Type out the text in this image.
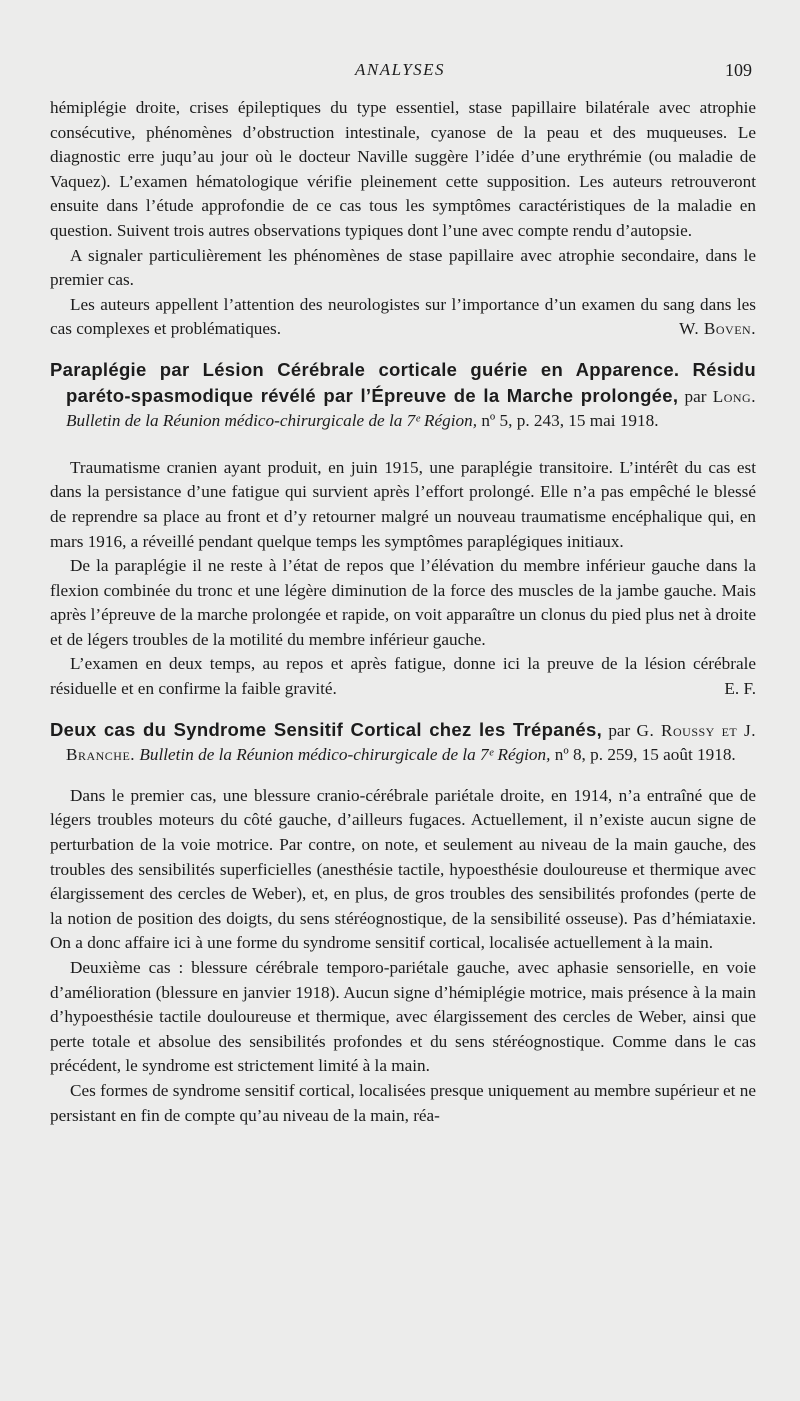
ANALYSES	109

hémiplégie droite, crises épileptiques du type essentiel, stase papillaire bilatérale avec atrophie consécutive, phénomènes d’obstruction intestinale, cyanose de la peau et des muqueuses. Le diagnostic erre juqu’au jour où le docteur Naville suggère l’idée d’une erythrémie (ou maladie de Vaquez). L’examen hématologique vérifie pleinement cette supposition. Les auteurs retrouveront ensuite dans l’étude approfondie de ce cas tous les symptômes caractéristiques de la maladie en question. Suivent trois autres observations typiques dont l’une avec compte rendu d’autopsie.

A signaler particulièrement les phénomènes de stase papillaire avec atrophie secondaire, dans le premier cas.

Les auteurs appellent l’attention des neurologistes sur l’importance d’un examen du sang dans les cas complexes et problématiques.	W. Boven.

Paraplégie par Lésion Cérébrale corticale guérie en Apparence. Résidu paréto-spasmodique révélé par l’Épreuve de la Marche prolongée, par Long. Bulletin de la Réunion médico-chirurgicale de la 7ᵉ Région, nº 5, p. 243, 15 mai 1918.

Traumatisme cranien ayant produit, en juin 1915, une paraplégie transitoire. L’intérêt du cas est dans la persistance d’une fatigue qui survient après l’effort prolongé. Elle n’a pas empêché le blessé de reprendre sa place au front et d’y retourner malgré un nouveau traumatisme encéphalique qui, en mars 1916, a réveillé pendant quelque temps les symptômes paraplégiques initiaux.

De la paraplégie il ne reste à l’état de repos que l’élévation du membre inférieur gauche dans la flexion combinée du tronc et une légère diminution de la force des muscles de la jambe gauche. Mais après l’épreuve de la marche prolongée et rapide, on voit apparaître un clonus du pied plus net à droite et de légers troubles de la motilité du membre inférieur gauche.

L’examen en deux temps, au repos et après fatigue, donne ici la preuve de la lésion cérébrale résiduelle et en confirme la faible gravité.	E. F.

Deux cas du Syndrome Sensitif Cortical chez les Trépanés, par G. Roussy et J. Branche. Bulletin de la Réunion médico-chirurgicale de la 7ᵉ Région, nº 8, p. 259, 15 août 1918.

Dans le premier cas, une blessure cranio-cérébrale pariétale droite, en 1914, n’a entraîné que de légers troubles moteurs du côté gauche, d’ailleurs fugaces. Actuellement, il n’existe aucun signe de perturbation de la voie motrice. Par contre, on note, et seulement au niveau de la main gauche, des troubles des sensibilités superficielles (anesthésie tactile, hypoesthésie douloureuse et thermique avec élargissement des cercles de Weber), et, en plus, de gros troubles des sensibilités profondes (perte de la notion de position des doigts, du sens stéréognostique, de la sensibilité osseuse). Pas d’hémiataxie. On a donc affaire ici à une forme du syndrome sensitif cortical, localisée actuellement à la main.

Deuxième cas : blessure cérébrale temporo-pariétale gauche, avec aphasie sensorielle, en voie d’amélioration (blessure en janvier 1918). Aucun signe d’hémiplégie motrice, mais présence à la main d’hypoesthésie tactile douloureuse et thermique, avec élargissement des cercles de Weber, ainsi que perte totale et absolue des sensibilités profondes et du sens stéréognostique. Comme dans le cas précédent, le syndrome est strictement limité à la main.

Ces formes de syndrome sensitif cortical, localisées presque uniquement au membre supérieur et ne persistant en fin de compte qu’au niveau de la main, réa-
